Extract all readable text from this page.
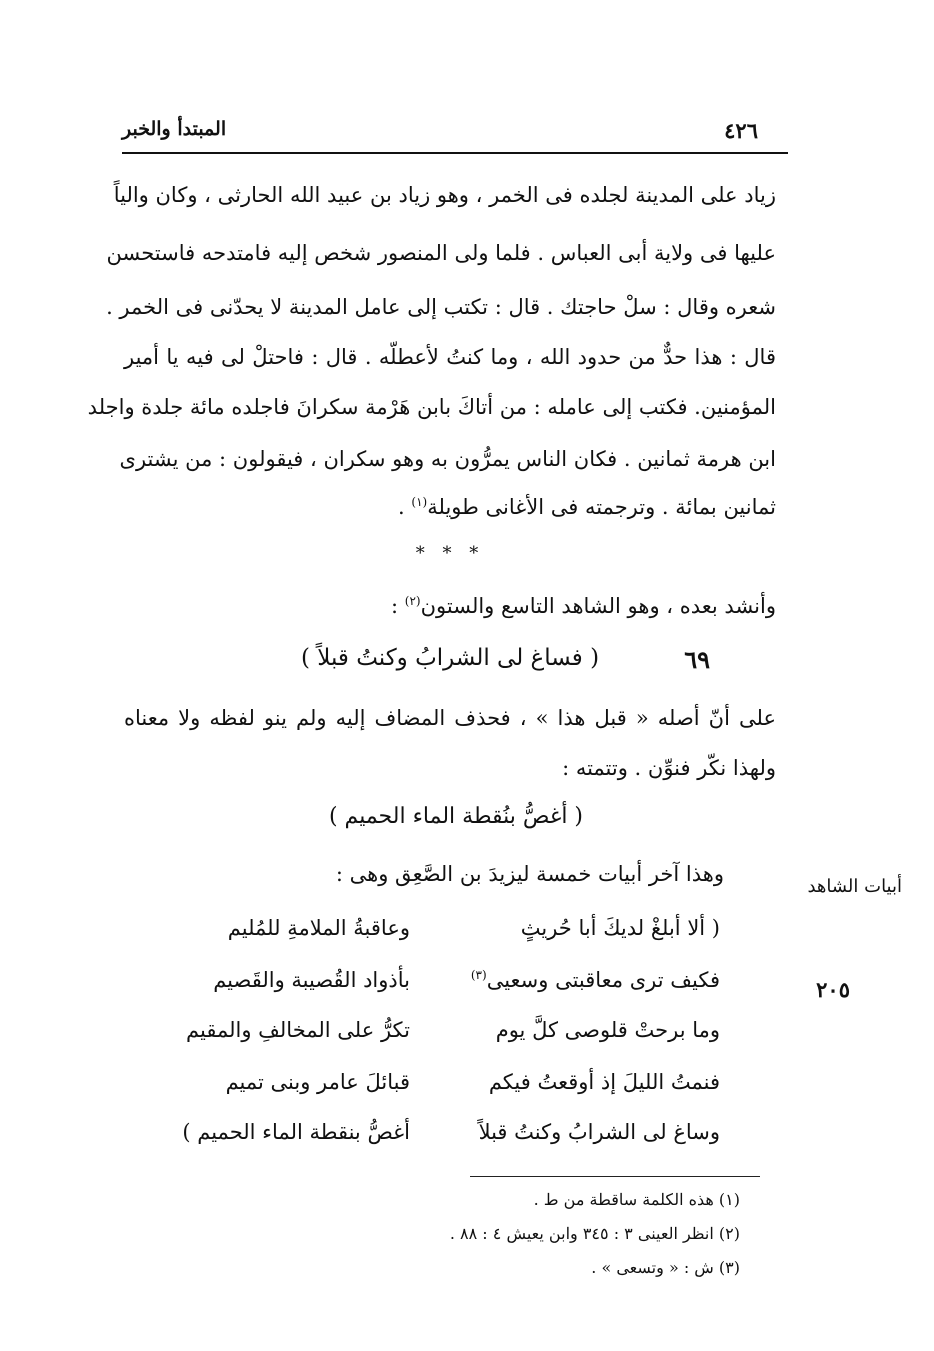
المبتدأ والخبر	٤٢٦
زياد على المدينة لجلده فى الخمر ، وهو زياد بن عبيد الله الحارثى ، وكان والياً
عليها فى ولاية أبى العباس . فلما ولى المنصور شخص إليه فامتدحه فاستحسن
شعره وقال : سلْ حاجتك . قال : تكتب إلى عامل المدينة لا يحدّنى فى الخمر .
قال : هذا حدٌّ من حدود الله ، وما كنتُ لأعطلّه . قال : فاحتلْ لى فيه يا أمير
المؤمنين. فكتب إلى عامله : من أتاكَ بابن هَرْمة سكرانَ فاجلده مائة جلدة واجلد
ابن هرمة ثمانين . فكان الناس يمرُّون به وهو سكران ، فيقولون : من يشترى
ثمانين بمائة . وترجمته فى الأغانى طويلة$^{(١)}$ .
* * *
وأنشد بعده ، وهو الشاهد التاسع والستون$^{(٢)}$ :
٦٩
( فساغ لى الشرابُ وكنتُ قبلاً )
على أنّ أصله « قبل هذا » ، فحذف المضاف إليه ولم ينو لفظه ولا معناه
ولهذا نكّر فنوِّن . وتتمته :
( أغصُّ بنُقطة الماء الحميم )
وهذا آخر أبيات خمسة ليزيدَ بن الصَّعِق وهى :
أبيات الشاهد
٢٠٥
( ألا أبلغْ لديكَ أبا حُريثٍ
وعاقبةُ الملامةِ للمُليم
فكيف ترى معاقبتى وسعيى$^{(٣)}$
بأذواد القُصيبة والقَصيم
وما برحتْ قلوصى كلَّ يوم
تكرُّ على المخالفِ والمقيم
فنمتُ الليلَ إذ أوقعتُ فيكم
قبائلَ عامر وبنى تميم
وساغ لى الشرابُ وكنتُ قبلاً
أغصُّ بنقطة الماء الحميم )
(١) هذه الكلمة ساقطة من ط .
(٢) انظر العينى ٣ : ٣٤٥ وابن يعيش ٤ : ٨٨ .
(٣) ش : « وتسعى » .
